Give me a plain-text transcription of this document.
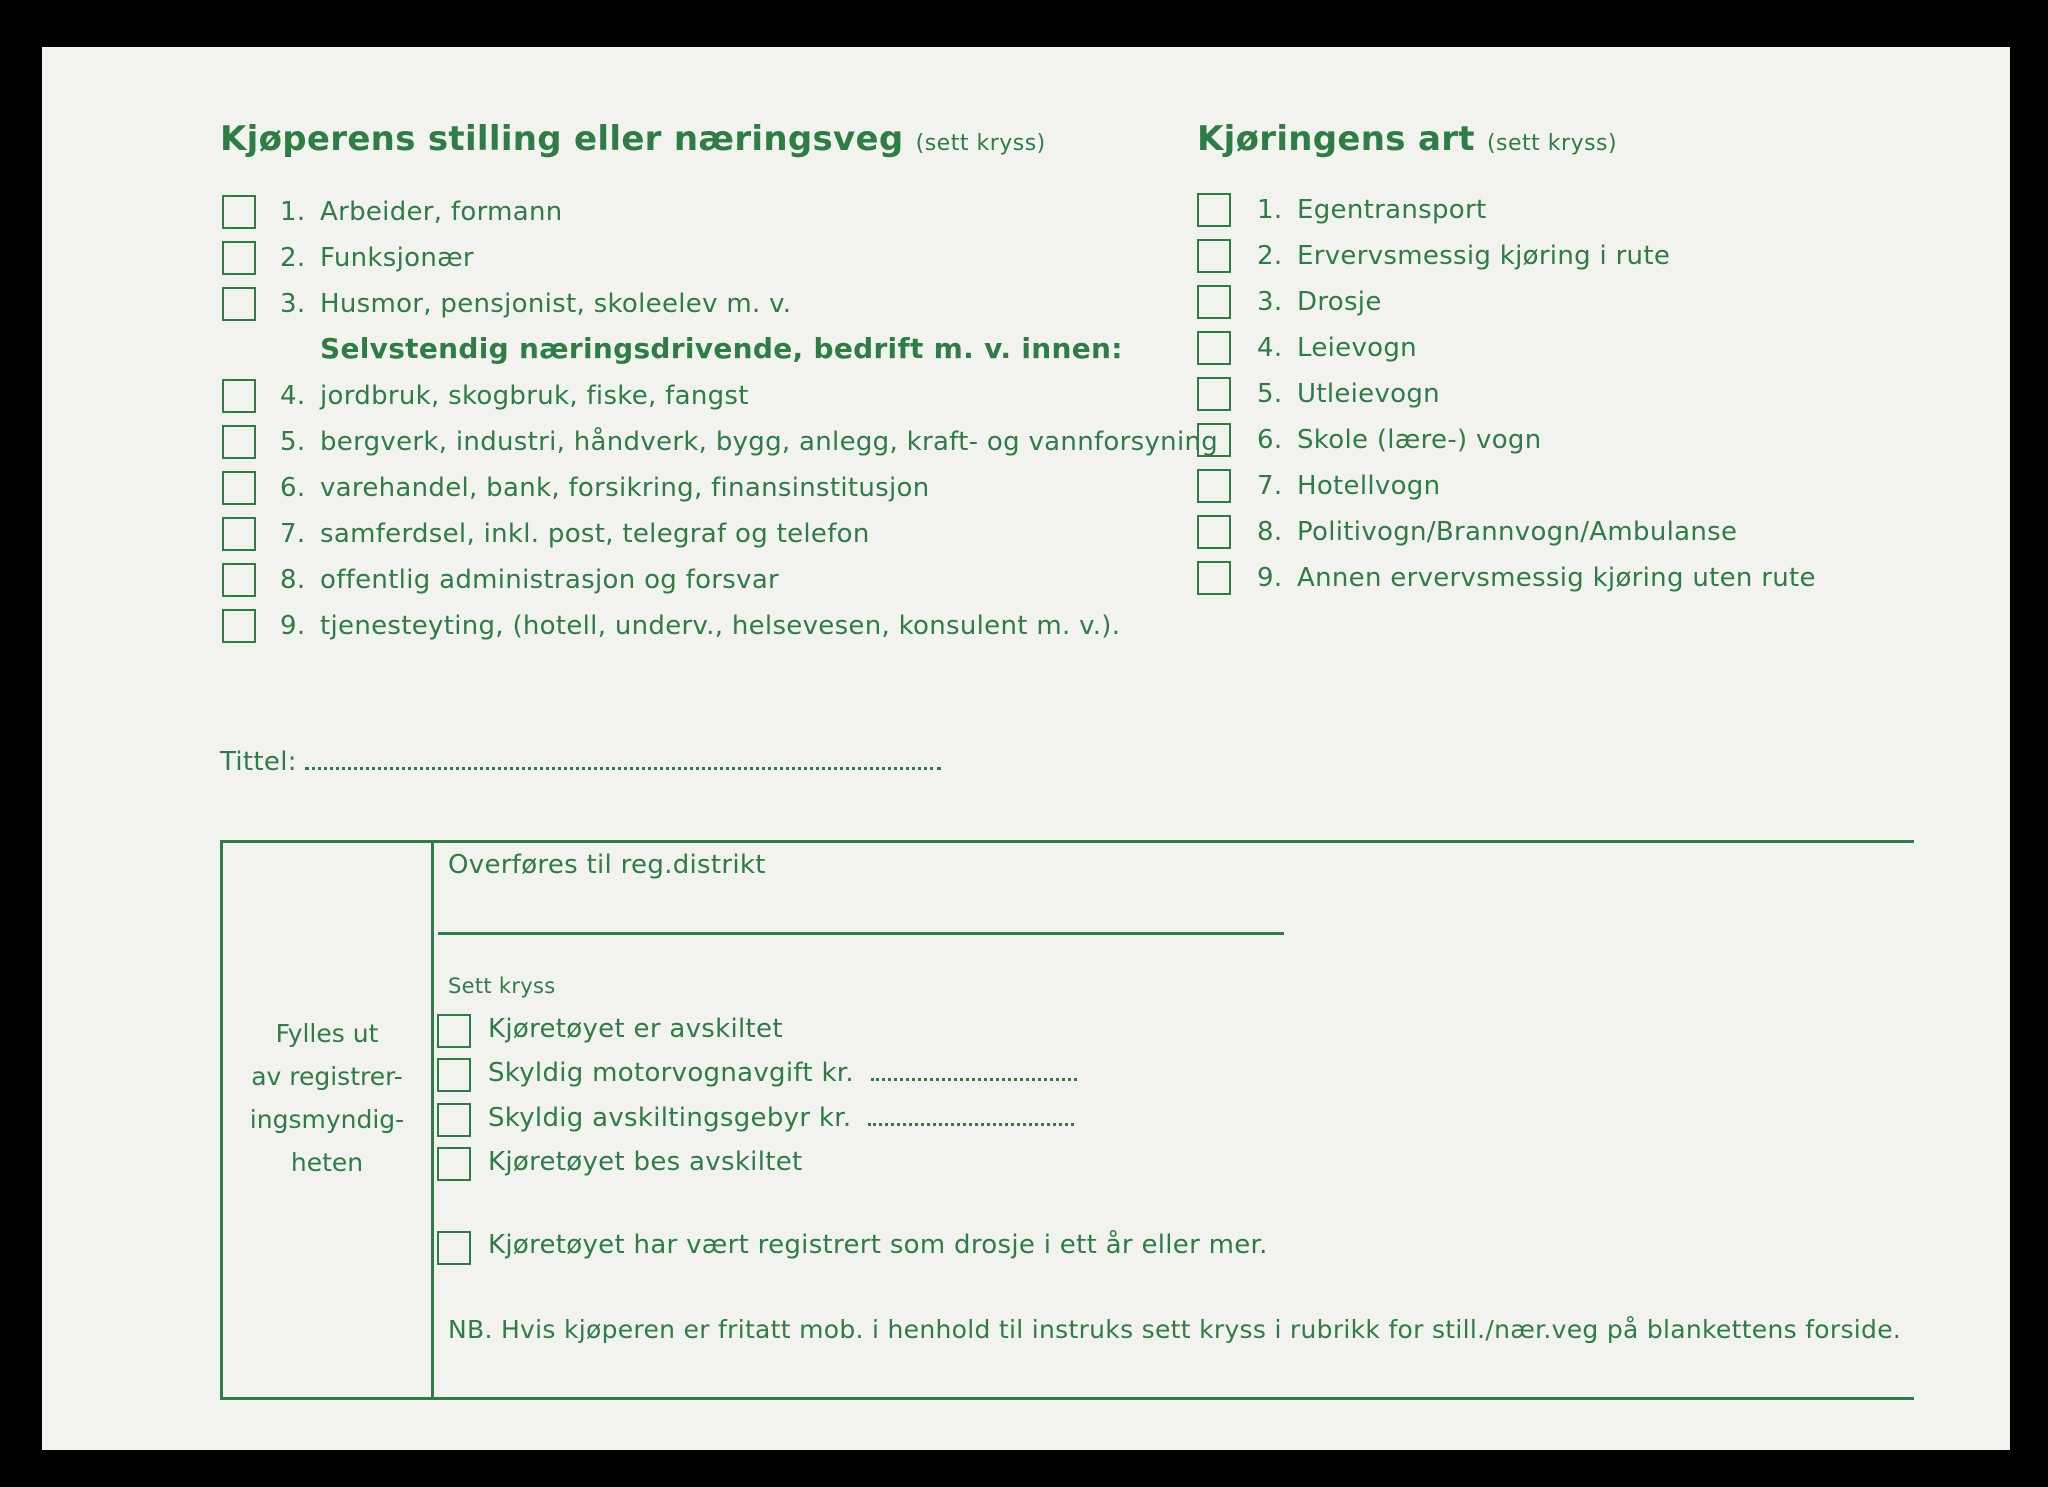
Kjøperens stilling eller næringsveg (sett kryss)
1. Arbeider, formann
2. Funksjonær
3. Husmor, pensjonist, skoleelev m. v.
Selvstendig næringsdrivende, bedrift m. v. innen:
4. jordbruk, skogbruk, fiske, fangst
5. bergverk, industri, håndverk, bygg, anlegg, kraft- og vannforsyning
6. varehandel, bank, forsikring, finansinstitusjon
7. samferdsel, inkl. post, telegraf og telefon
8. offentlig administrasjon og forsvar
9. tjenesteyting, (hotell, underv., helsevesen, konsulent m. v.).
Kjøringens art (sett kryss)
1. Egentransport
2. Ervervsmessig kjøring i rute
3. Drosje
4. Leievogn
5. Utleievogn
6. Skole (lære-) vogn
7. Hotellvogn
8. Politivogn/Brannvogn/Ambulanse
9. Annen ervervsmessig kjøring uten rute
Tittel:
Fylles ut
av registrer-
ingsmyndig-
heten
Overføres til reg.distrikt
Sett kryss
Kjøretøyet er avskiltet
Skyldig motorvognavgift kr.
Skyldig avskiltingsgebyr kr.
Kjøretøyet bes avskiltet
Kjøretøyet har vært registrert som drosje i ett år eller mer.
NB. Hvis kjøperen er fritatt mob. i henhold til instruks sett kryss i rubrikk for still./nær.veg på blankettens forside.
